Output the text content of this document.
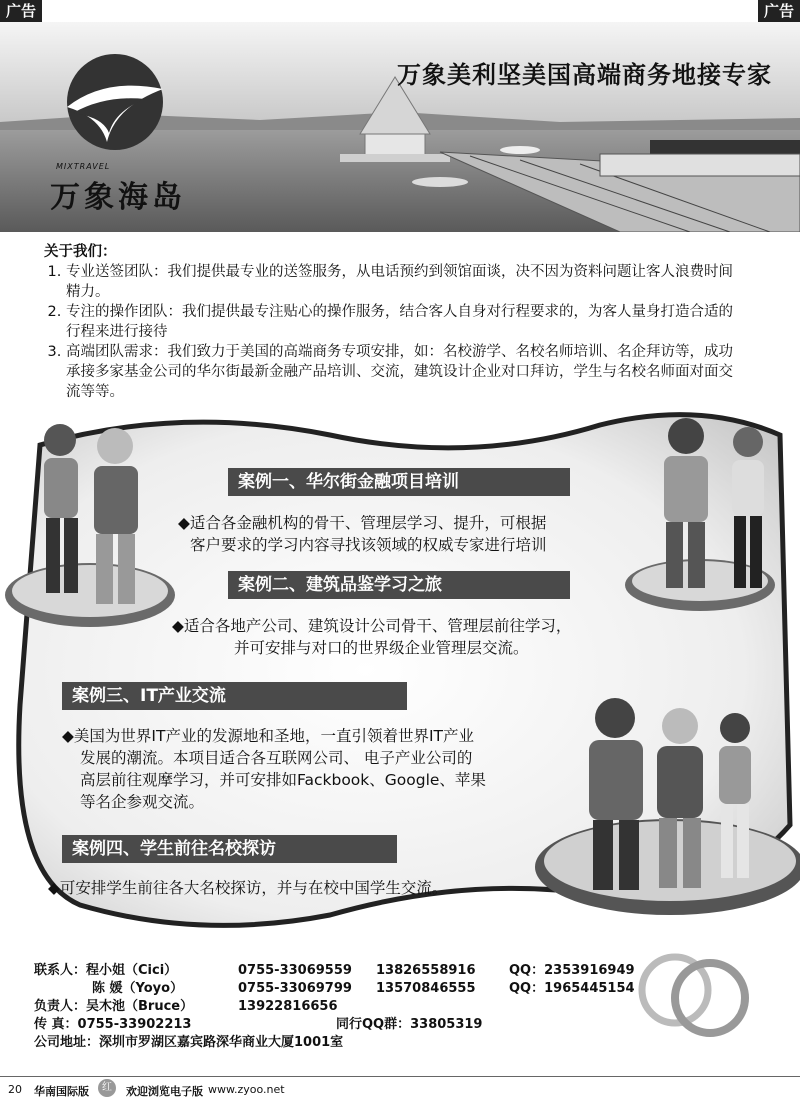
广告	广告
MIXTRAVEL
万象海岛
万象美利坚美国高端商务地接专家
关于我们：
1. 专业送签团队：我们提供最专业的送签服务，从电话预约到领馆面谈，决不因为资料问题让客人浪费时间精力。
2. 专注的操作团队：我们提供最专注贴心的操作服务，结合客人自身对行程要求的，为客人量身打造合适的行程来进行接待
3. 高端团队需求：我们致力于美国的高端商务专项安排，如：名校游学、名校名师培训、名企拜访等，成功承接多家基金公司的华尔街最新金融产品培训、交流，建筑设计企业对口拜访，学生与名校名师面对面交流等等。
案例一、华尔街金融项目培训
◆适合各金融机构的骨干、管理层学习、提升，可根据
客户要求的学习内容寻找该领域的权威专家进行培训
案例二、建筑品鉴学习之旅
◆适合各地产公司、建筑设计公司骨干、管理层前往学习，
并可安排与对口的世界级企业管理层交流。
案例三、IT产业交流
◆美国为世界IT产业的发源地和圣地，一直引领着世界IT产业
发展的潮流。本项目适合各互联网公司、 电子产业公司的
高层前往观摩学习，并可安排如Fackbook、Google、苹果
等名企参观交流。
案例四、学生前往名校探访
◆可安排学生前往各大名校探访，并与在校中国学生交流。
联系人：程小姐（Cici）	0755-33069559 13826558916	QQ：2353916949
陈 媛（Yoyo）	0755-33069799 13570846555	QQ：1965445154
负责人：吴木池（Bruce）	13922816656
传 真：0755-33902213	同行QQ群：33805319
公司地址：深圳市罗湖区嘉宾路深华商业大厦1001室
20 华南国际版	红	欢迎浏览电子版 www.zyoo.net
